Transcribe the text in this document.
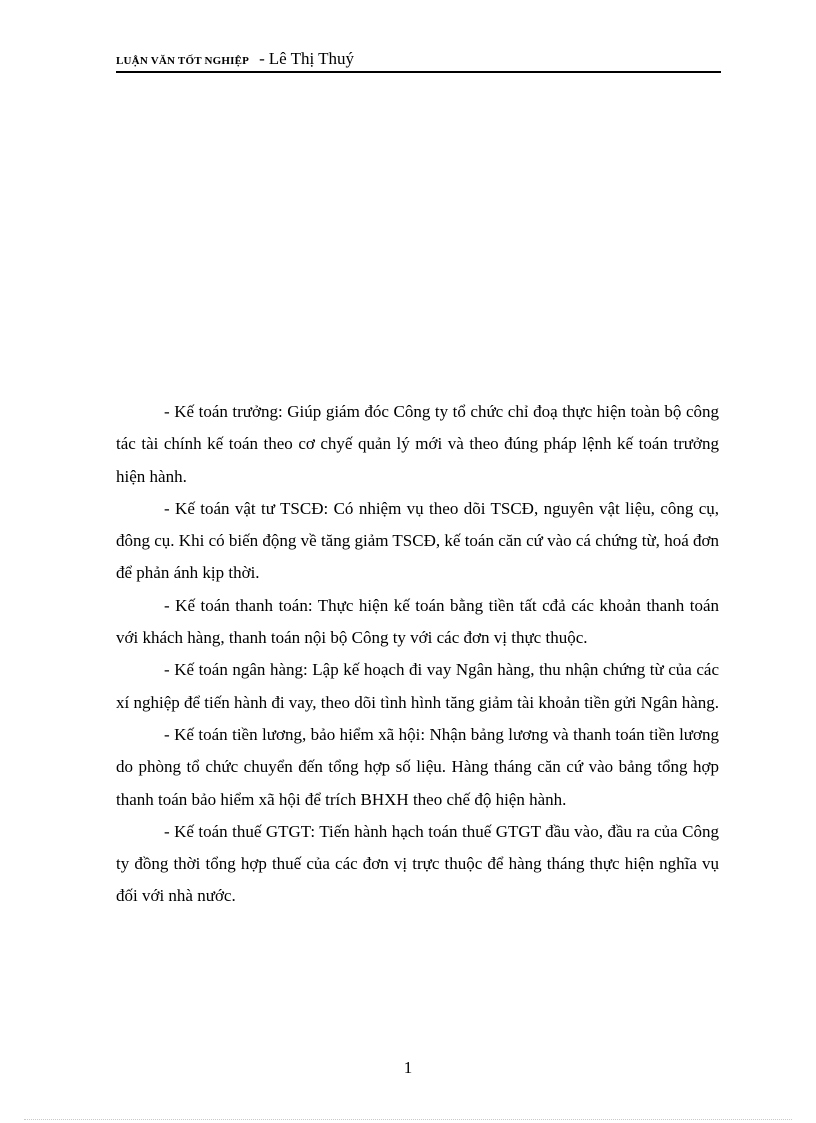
LUẬN VĂN TỐT NGHIỆP - Lê Thị Thuý

- Kế toán trưởng: Giúp giám đóc Công ty tổ chức chỉ đoạ thực hiện toàn bộ công tác tài chính kế toán theo cơ chyế quản lý mới và theo đúng pháp lệnh kế toán trưởng hiện hành.

- Kế toán vật tư TSCĐ: Có nhiệm vụ theo dõi TSCĐ, nguyên vật liệu, công cụ, đông cụ. Khi có biến động về tăng giảm TSCĐ, kế toán căn cứ vào cá chứng từ, hoá đơn để phản ánh kịp thời.

- Kế toán thanh toán: Thực hiện kế toán bằng tiền tất cđả các khoản thanh toán với khách hàng, thanh toán nội bộ Công ty với các đơn vị thực thuộc.

- Kế toán ngân hàng: Lập kế hoạch đi vay Ngân hàng, thu nhận chứng từ của các xí nghiệp để tiến hành đi vay, theo dõi tình hình tăng giảm tài khoản tiền gửi Ngân hàng.

- Kế toán tiền lương, bảo hiểm xã hội: Nhận bảng lương và thanh toán tiền lương do phòng tổ chức chuyển đến tổng hợp số liệu. Hàng tháng căn cứ vào bảng tổng hợp thanh toán bảo hiểm xã hội để trích BHXH theo chế độ hiện hành.

- Kế toán thuế GTGT: Tiến hành hạch toán thuế GTGT đầu vào, đầu ra của Công ty đồng thời tổng hợp thuế của các đơn vị trực thuộc để hàng tháng thực hiện nghĩa vụ đối với nhà nước.

1
